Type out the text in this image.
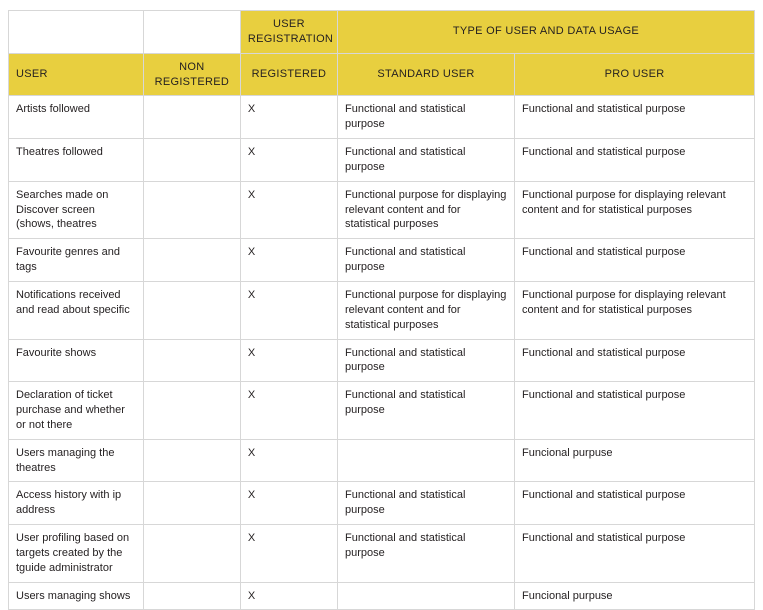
		USER REGISTRATION	TYPE OF USER AND DATA USAGE	
USER	NON REGISTERED	REGISTERED	STANDARD USER	PRO USER
Artists followed		X	Functional and statistical purpose	Functional and statistical purpose
Theatres followed		X	Functional and statistical purpose	Functional and statistical purpose
Searches made on Discover screen (shows, theatres		X	Functional purpose for displaying relevant content and for statistical purposes	Functional purpose for displaying relevant content and for statistical purposes
Favourite genres and tags		X	Functional and statistical purpose	Functional and statistical purpose
Notifications received and read about specific		X	Functional purpose for displaying relevant content and for statistical purposes	Functional purpose for displaying relevant content and for statistical purposes
Favourite shows		X	Functional and statistical purpose	Functional and statistical purpose
Declaration of ticket purchase and whether or not there		X	Functional and statistical purpose	Functional and statistical purpose
Users managing the theatres		X		Funcional purpuse
Access history with ip address		X	Functional and statistical purpose	Functional and statistical purpose
User profiling based on targets created by the tguide administrator		X	Functional and statistical purpose	Functional and statistical purpose
Users managing shows		X		Funcional purpuse
